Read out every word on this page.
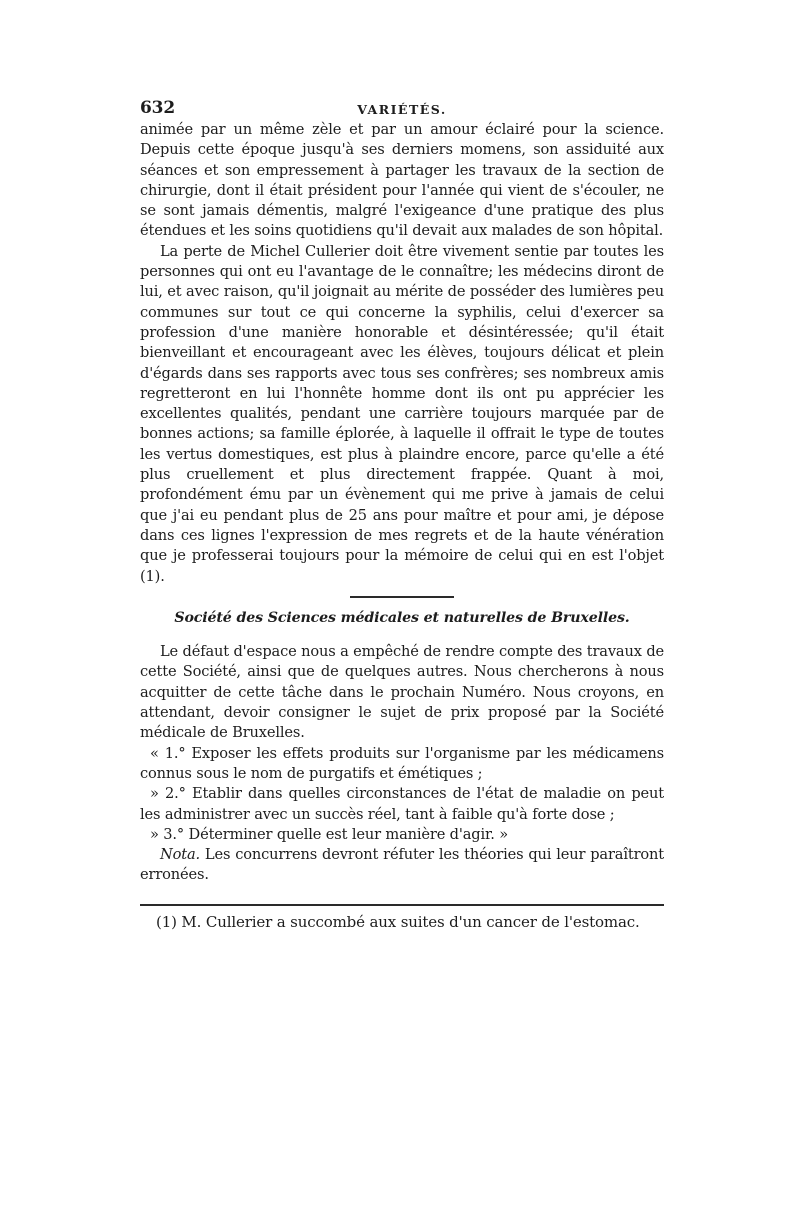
632	VARIÉTÉS.

animée par un même zèle et par un amour éclairé pour la science. Depuis cette époque jusqu'à ses derniers momens, son assiduité aux séances et son empressement à partager les travaux de la section de chirurgie, dont il était président pour l'année qui vient de s'écouler, ne se sont jamais démentis, malgré l'exigeance d'une pratique des plus étendues et les soins quotidiens qu'il devait aux malades de son hôpital.

La perte de Michel Cullerier doit être vivement sentie par toutes les personnes qui ont eu l'avantage de le connaître; les médecins diront de lui, et avec raison, qu'il joignait au mérite de posséder des lumières peu communes sur tout ce qui concerne la syphilis, celui d'exercer sa profession d'une manière honorable et désintéressée; qu'il était bienveillant et encourageant avec les élèves, toujours délicat et plein d'égards dans ses rapports avec tous ses confrères; ses nombreux amis regretteront en lui l'honnête homme dont ils ont pu apprécier les excellentes qualités, pendant une carrière toujours marquée par de bonnes actions; sa famille éplorée, à laquelle il offrait le type de toutes les vertus domestiques, est plus à plaindre encore, parce qu'elle a été plus cruellement et plus directement frappée. Quant à moi, profondément ému par un évènement qui me prive à jamais de celui que j'ai eu pendant plus de 25 ans pour maître et pour ami, je dépose dans ces lignes l'expression de mes regrets et de la haute vénération que je professerai toujours pour la mémoire de celui qui en est l'objet (1).

Société des Sciences médicales et naturelles de Bruxelles.

Le défaut d'espace nous a empêché de rendre compte des travaux de cette Société, ainsi que de quelques autres. Nous chercherons à nous acquitter de cette tâche dans le prochain Numéro. Nous croyons, en attendant, devoir consigner le sujet de prix proposé par la Société médicale de Bruxelles.

« 1.° Exposer les effets produits sur l'organisme par les médicamens connus sous le nom de purgatifs et émétiques ;

» 2.° Etablir dans quelles circonstances de l'état de maladie on peut les administrer avec un succès réel, tant à faible qu'à forte dose ;

» 3.° Déterminer quelle est leur manière d'agir. »

Nota. Les concurrens devront réfuter les théories qui leur paraîtront erronées.

(1) M. Cullerier a succombé aux suites d'un cancer de l'estomac.
